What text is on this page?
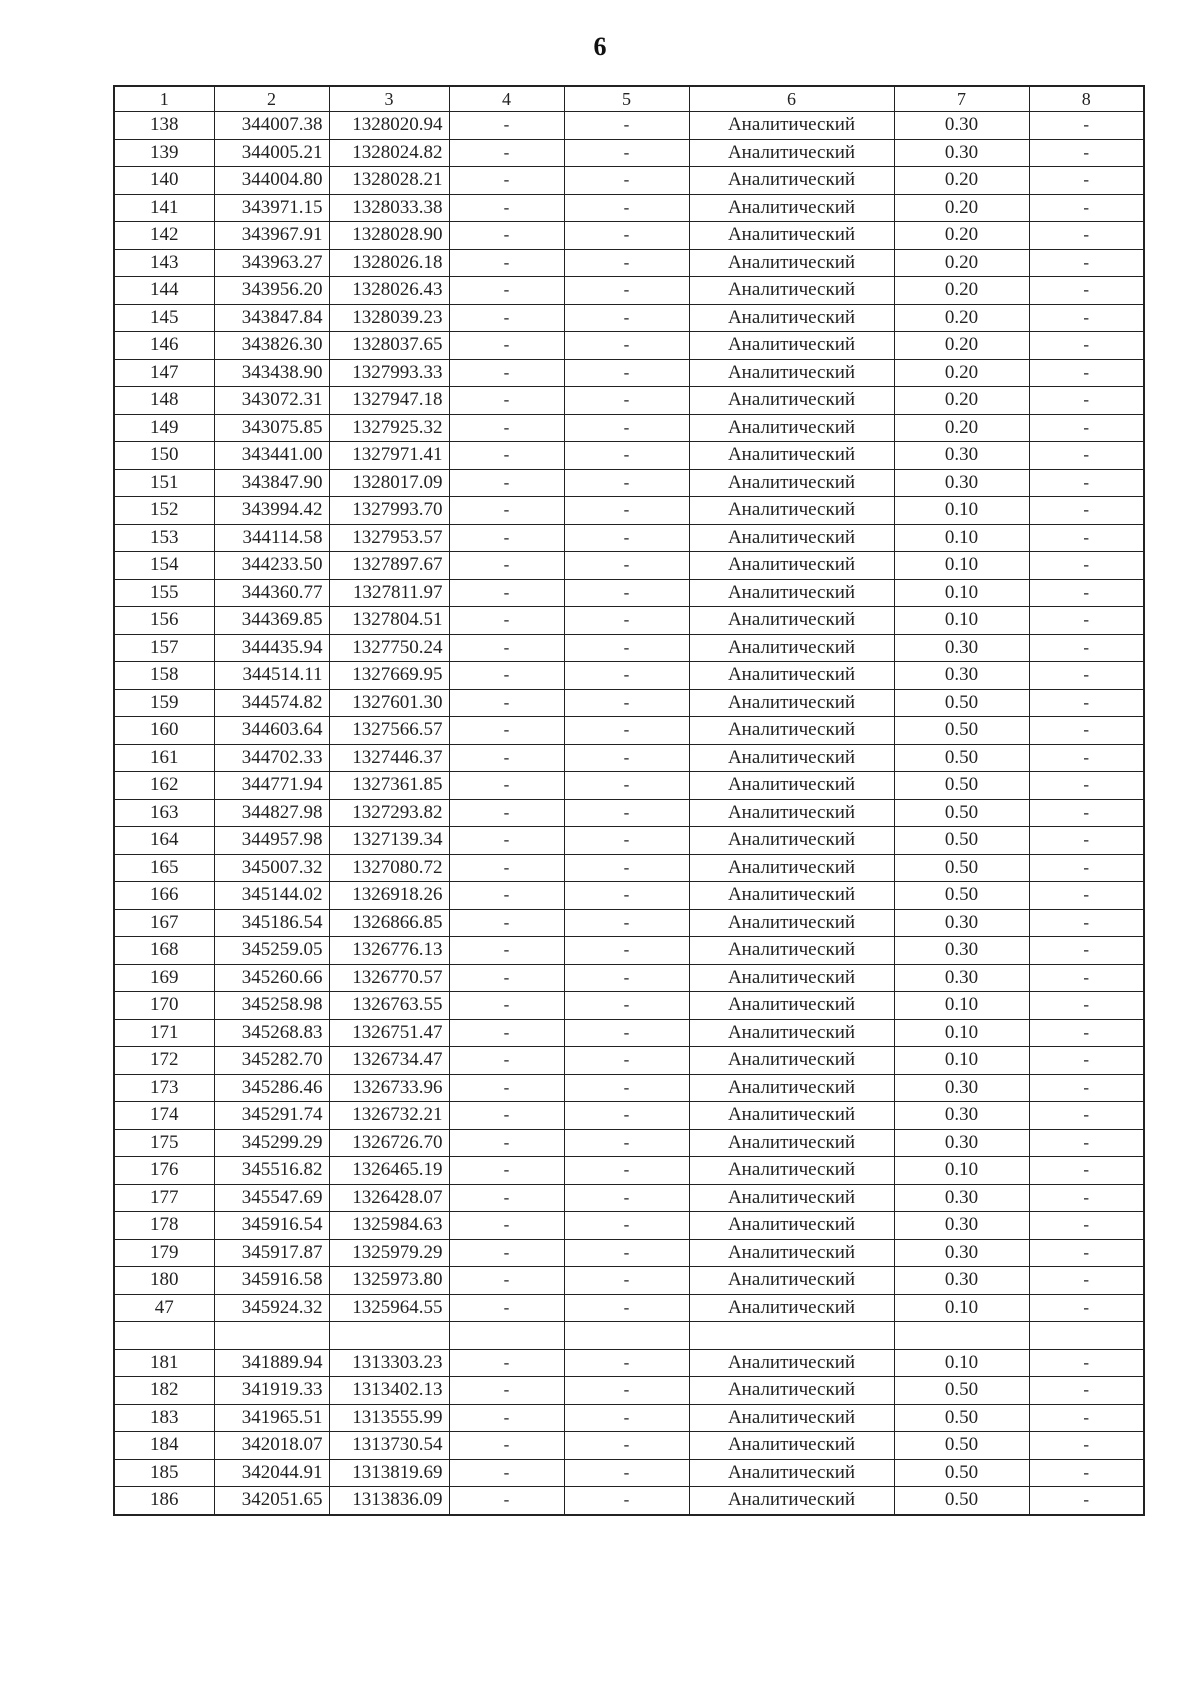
6
1	2	3	4	5	6	7	8
138	344007.38	1328020.94	-	-	Аналитический	0.30	-
139	344005.21	1328024.82	-	-	Аналитический	0.30	-
140	344004.80	1328028.21	-	-	Аналитический	0.20	-
141	343971.15	1328033.38	-	-	Аналитический	0.20	-
142	343967.91	1328028.90	-	-	Аналитический	0.20	-
143	343963.27	1328026.18	-	-	Аналитический	0.20	-
144	343956.20	1328026.43	-	-	Аналитический	0.20	-
145	343847.84	1328039.23	-	-	Аналитический	0.20	-
146	343826.30	1328037.65	-	-	Аналитический	0.20	-
147	343438.90	1327993.33	-	-	Аналитический	0.20	-
148	343072.31	1327947.18	-	-	Аналитический	0.20	-
149	343075.85	1327925.32	-	-	Аналитический	0.20	-
150	343441.00	1327971.41	-	-	Аналитический	0.30	-
151	343847.90	1328017.09	-	-	Аналитический	0.30	-
152	343994.42	1327993.70	-	-	Аналитический	0.10	-
153	344114.58	1327953.57	-	-	Аналитический	0.10	-
154	344233.50	1327897.67	-	-	Аналитический	0.10	-
155	344360.77	1327811.97	-	-	Аналитический	0.10	-
156	344369.85	1327804.51	-	-	Аналитический	0.10	-
157	344435.94	1327750.24	-	-	Аналитический	0.30	-
158	344514.11	1327669.95	-	-	Аналитический	0.30	-
159	344574.82	1327601.30	-	-	Аналитический	0.50	-
160	344603.64	1327566.57	-	-	Аналитический	0.50	-
161	344702.33	1327446.37	-	-	Аналитический	0.50	-
162	344771.94	1327361.85	-	-	Аналитический	0.50	-
163	344827.98	1327293.82	-	-	Аналитический	0.50	-
164	344957.98	1327139.34	-	-	Аналитический	0.50	-
165	345007.32	1327080.72	-	-	Аналитический	0.50	-
166	345144.02	1326918.26	-	-	Аналитический	0.50	-
167	345186.54	1326866.85	-	-	Аналитический	0.30	-
168	345259.05	1326776.13	-	-	Аналитический	0.30	-
169	345260.66	1326770.57	-	-	Аналитический	0.30	-
170	345258.98	1326763.55	-	-	Аналитический	0.10	-
171	345268.83	1326751.47	-	-	Аналитический	0.10	-
172	345282.70	1326734.47	-	-	Аналитический	0.10	-
173	345286.46	1326733.96	-	-	Аналитический	0.30	-
174	345291.74	1326732.21	-	-	Аналитический	0.30	-
175	345299.29	1326726.70	-	-	Аналитический	0.30	-
176	345516.82	1326465.19	-	-	Аналитический	0.10	-
177	345547.69	1326428.07	-	-	Аналитический	0.30	-
178	345916.54	1325984.63	-	-	Аналитический	0.30	-
179	345917.87	1325979.29	-	-	Аналитический	0.30	-
180	345916.58	1325973.80	-	-	Аналитический	0.30	-
47	345924.32	1325964.55	-	-	Аналитический	0.10	-

181	341889.94	1313303.23	-	-	Аналитический	0.10	-
182	341919.33	1313402.13	-	-	Аналитический	0.50	-
183	341965.51	1313555.99	-	-	Аналитический	0.50	-
184	342018.07	1313730.54	-	-	Аналитический	0.50	-
185	342044.91	1313819.69	-	-	Аналитический	0.50	-
186	342051.65	1313836.09	-	-	Аналитический	0.50	-
